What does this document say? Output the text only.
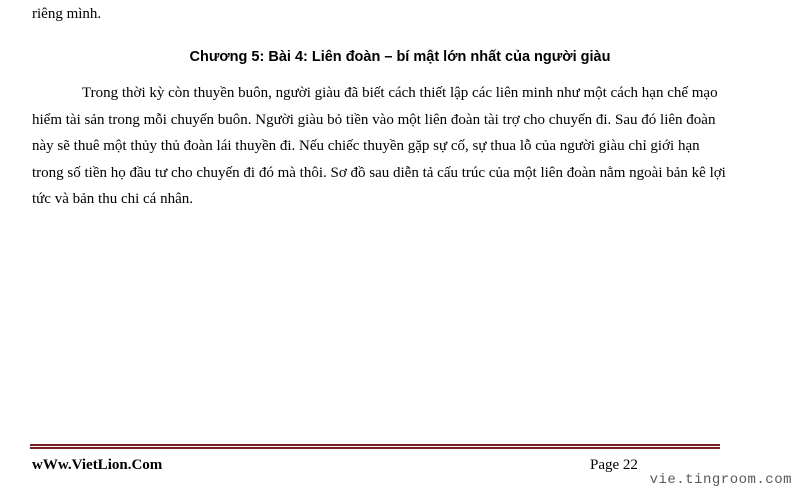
riêng mình.
Chương 5: Bài 4: Liên đoàn – bí mật lớn nhất của người giàu
Trong thời kỳ còn thuyền buôn, người giàu đã biết cách thiết lập các liên minh như một cách hạn chế mạo
hiểm tài sản trong mỗi chuyến buôn. Người giàu bỏ tiền vào một liên đoàn tài trợ cho chuyến đi. Sau đó liên đoàn
này sẽ thuê một thủy thủ đoàn lái thuyền đi. Nếu chiếc thuyền gặp sự cố, sự thua lỗ của người giàu chỉ giới hạn
trong số tiền họ đầu tư cho chuyến đi đó mà thôi. Sơ đồ sau diễn tả cấu trúc của một liên đoàn nằm ngoài bản kê lợi
tức và bản thu chi cá nhân.
wWw.VietLion.Com	Page 22
vie.tingroom.com
